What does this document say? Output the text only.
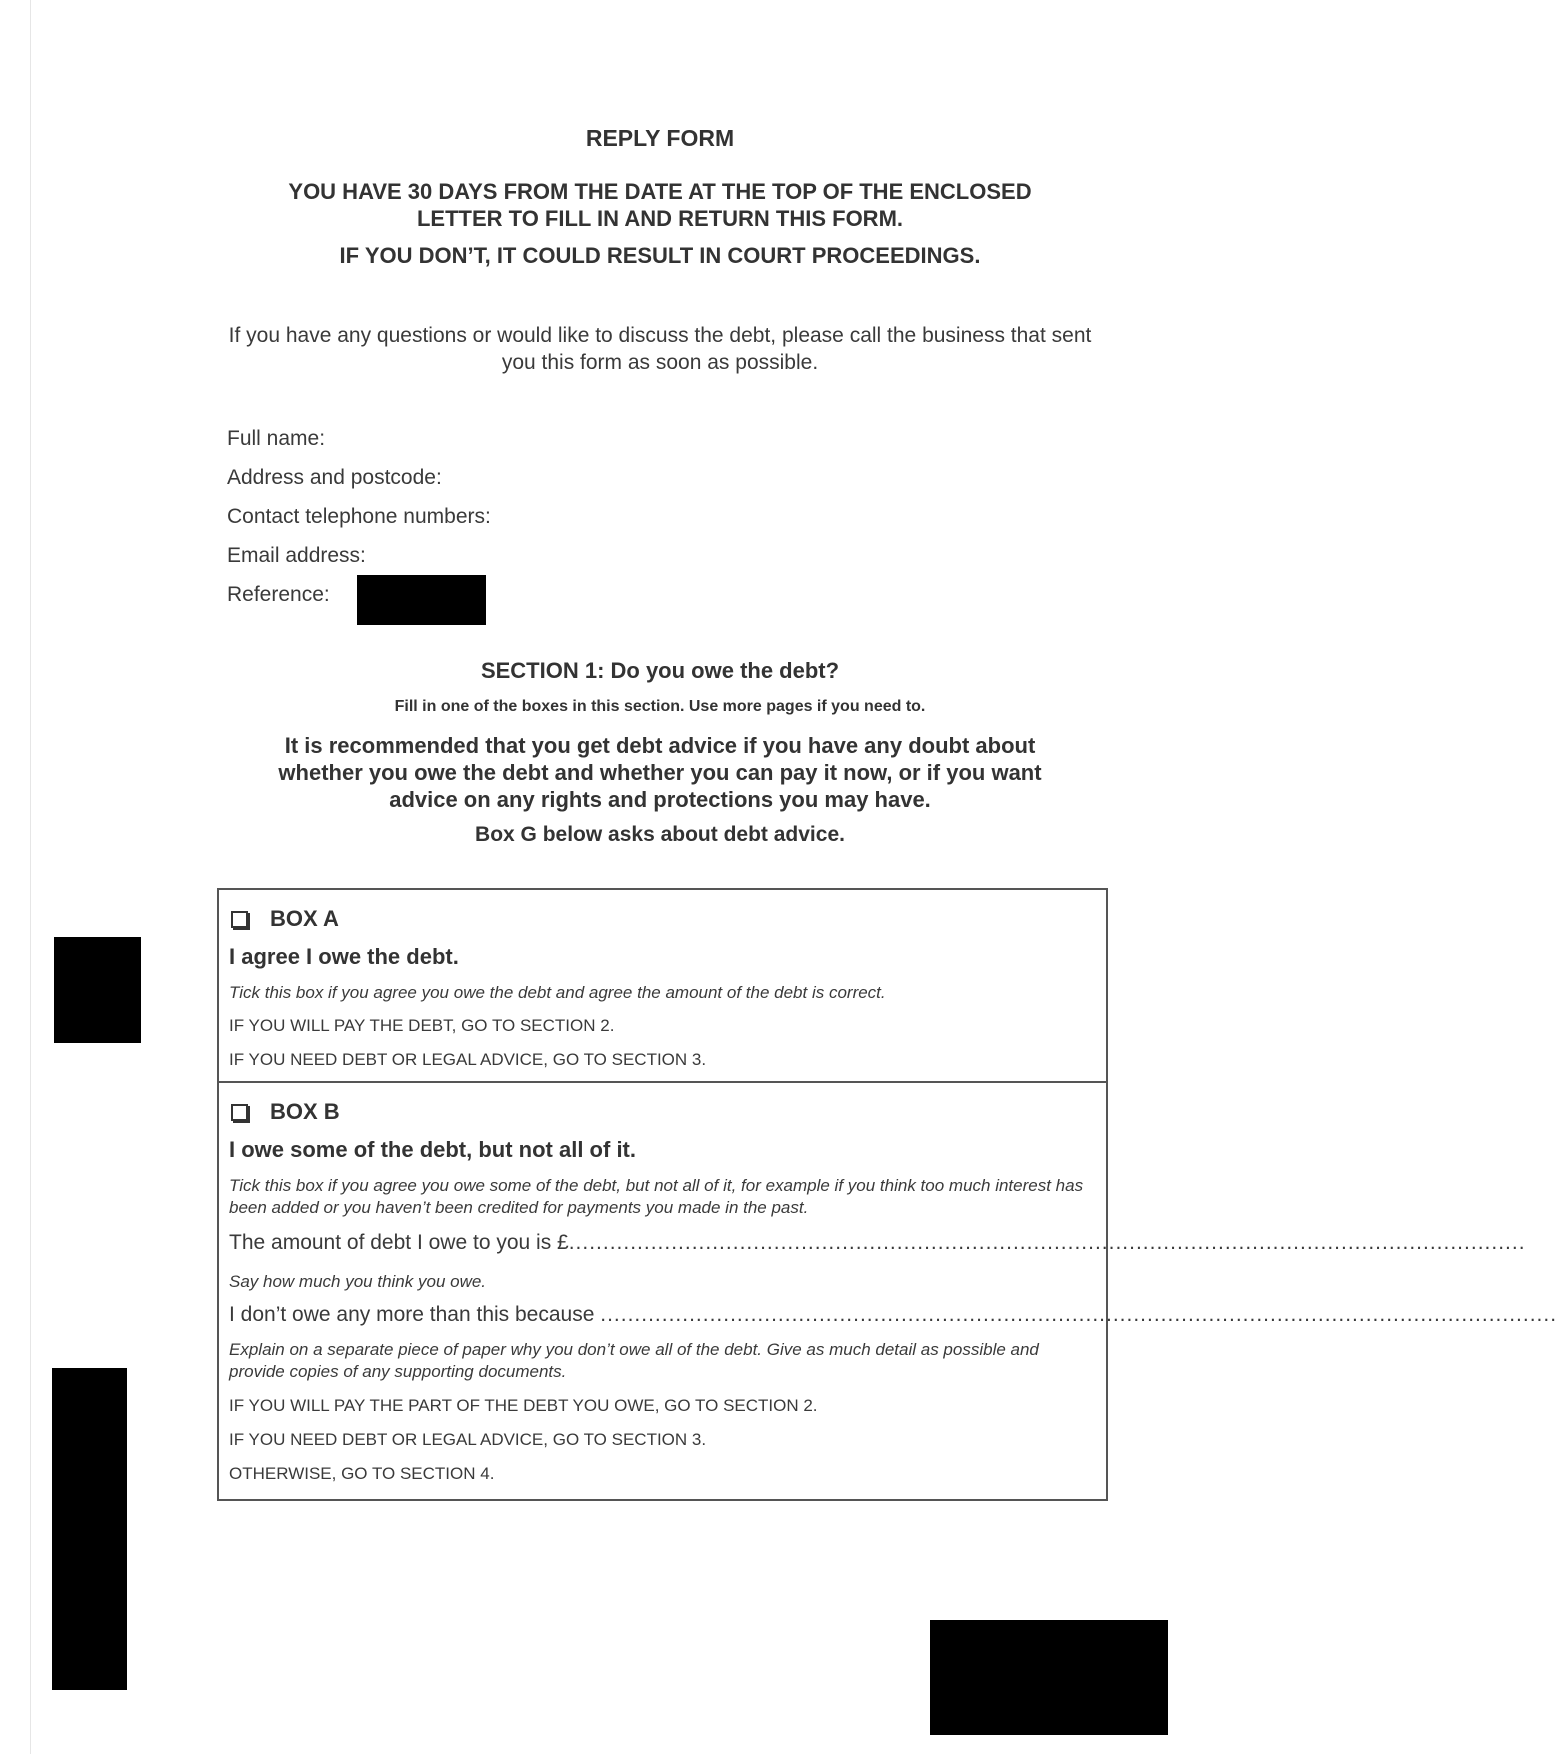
REPLY FORM
YOU HAVE 30 DAYS FROM THE DATE AT THE TOP OF THE ENCLOSED LETTER TO FILL IN AND RETURN THIS FORM.
IF YOU DON’T, IT COULD RESULT IN COURT PROCEEDINGS.
If you have any questions or would like to discuss the debt, please call the business that sent you this form as soon as possible.
Full name:
Address and postcode:
Contact telephone numbers:
Email address:
Reference:
SECTION 1: Do you owe the debt?
Fill in one of the boxes in this section. Use more pages if you need to.
It is recommended that you get debt advice if you have any doubt about whether you owe the debt and whether you can pay it now, or if you want advice on any rights and protections you may have.
Box G below asks about debt advice.
BOX A
I agree I owe the debt.
Tick this box if you agree you owe the debt and agree the amount of the debt is correct.
IF YOU WILL PAY THE DEBT, GO TO SECTION 2.
IF YOU NEED DEBT OR LEGAL ADVICE, GO TO SECTION 3.
BOX B
I owe some of the debt, but not all of it.
Tick this box if you agree you owe some of the debt, but not all of it, for example if you think too much interest has been added or you haven’t been credited for payments you made in the past.
The amount of debt I owe to you is £............................................................................................................................................
Say how much you think you owe.
I don’t owe any more than this because ............................................................................................................................................
Explain on a separate piece of paper why you don’t owe all of the debt. Give as much detail as possible and provide copies of any supporting documents.
IF YOU WILL PAY THE PART OF THE DEBT YOU OWE, GO TO SECTION 2.
IF YOU NEED DEBT OR LEGAL ADVICE, GO TO SECTION 3.
OTHERWISE, GO TO SECTION 4.
